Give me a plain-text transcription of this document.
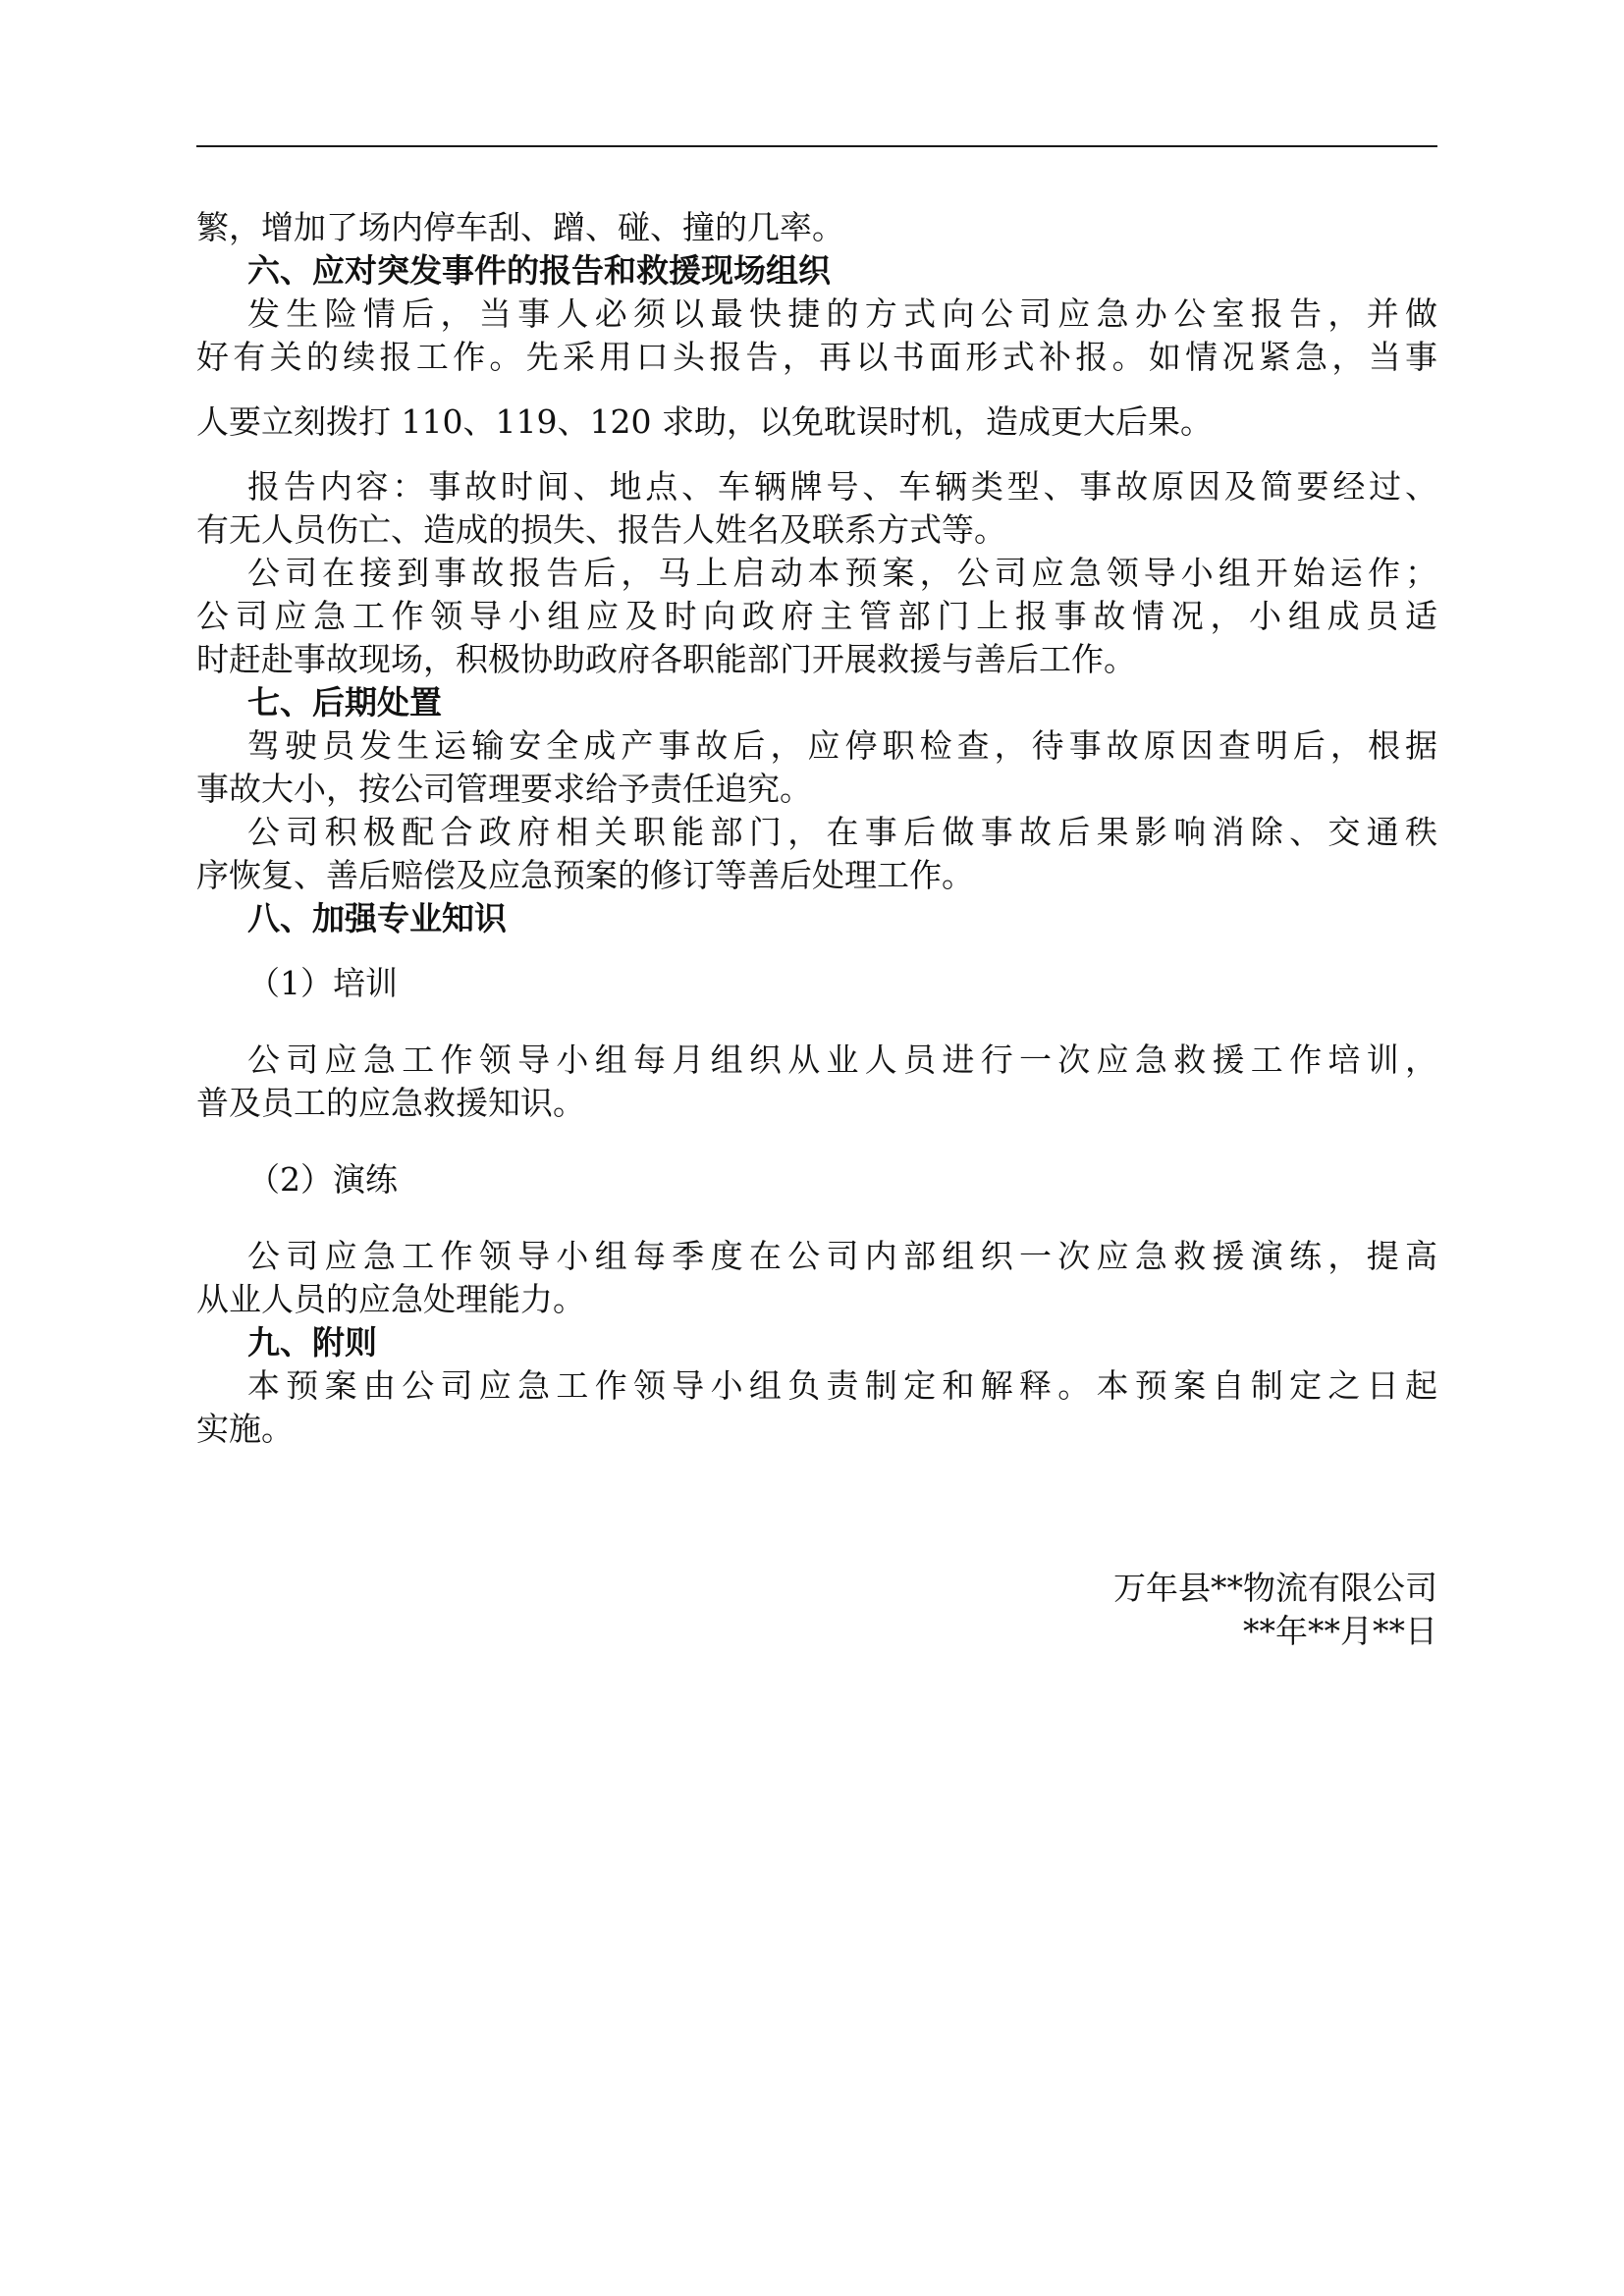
繁，增加了场内停车刮、蹭、碰、撞的几率。
六、应对突发事件的报告和救援现场组织
发生险情后，当事人必须以最快捷的方式向公司应急办公室报告，并做
好有关的续报工作。先采用口头报告，再以书面形式补报。如情况紧急，当事
人要立刻拨打 110、119、120 求助，以免耽误时机，造成更大后果。
报告内容：事故时间、地点、车辆牌号、车辆类型、事故原因及简要经过、
有无人员伤亡、造成的损失、报告人姓名及联系方式等。
公司在接到事故报告后，马上启动本预案，公司应急领导小组开始运作；
公司应急工作领导小组应及时向政府主管部门上报事故情况，小组成员适
时赶赴事故现场，积极协助政府各职能部门开展救援与善后工作。
七、后期处置
驾驶员发生运输安全成产事故后，应停职检查，待事故原因查明后，根据
事故大小，按公司管理要求给予责任追究。
公司积极配合政府相关职能部门，在事后做事故后果影响消除、交通秩
序恢复、善后赔偿及应急预案的修订等善后处理工作。
八、加强专业知识
（1）培训
公司应急工作领导小组每月组织从业人员进行一次应急救援工作培训，
普及员工的应急救援知识。
（2）演练
公司应急工作领导小组每季度在公司内部组织一次应急救援演练，提高
从业人员的应急处理能力。
九、附则
本预案由公司应急工作领导小组负责制定和解释。本预案自制定之日起
实施。
万年县**物流有限公司
**年**月**日
